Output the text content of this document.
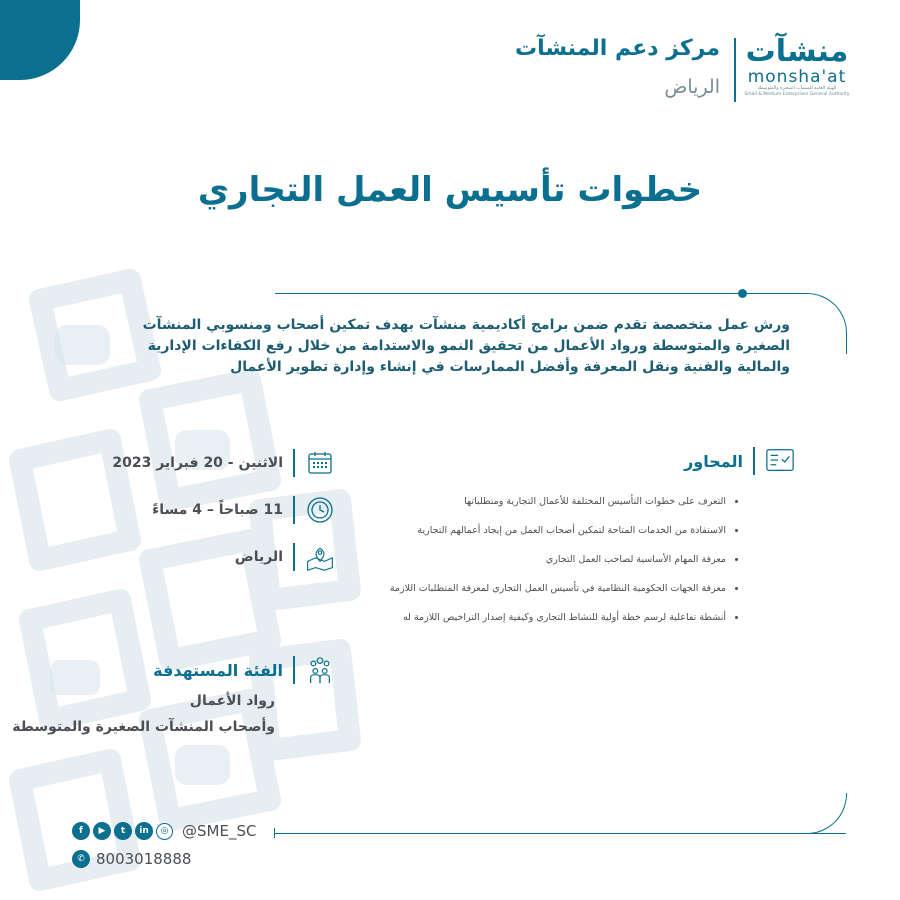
منشآت
monsha'at
الهيئة العامة للمنشآت الصغيرة والمتوسطة
Small & Medium Enterprises General Authority
مركز دعم المنشآت
الرياض
خطوات تأسيس العمل التجاري
ورش عمل متخصصة تقدم ضمن برامج أكاديمية منشآت بهدف تمكين أصحاب ومنسوبي المنشآت الصغيرة والمتوسطة ورواد الأعمال من تحقيق النمو والاستدامة من خلال رفع الكفاءات الإدارية والمالية والفنية ونقل المعرفة وأفضل الممارسات في إنشاء وإدارة تطوير الأعمال
المحاور
• التعرف على خطوات التأسيس المختلفة للأعمال التجارية ومتطلباتها
• الاستفادة من الخدمات المتاحة لتمكين أصحاب العمل من إيجاد أعمالهم التجارية
• معرفة المهام الأساسية لصاحب العمل التجاري
• معرفة الجهات الحكومية النظامية في تأسيس العمل التجاري لمعرفة المتطلبات اللازمة
• أنشطة تفاعلية لرسم خطة أولية للنشاط التجاري وكيفية إصدار التراخيص اللازمة له
الاثنين - 20 فبراير 2023
11 صباحاً – 4 مساءً
الرياض
الفئة المستهدفة
رواد الأعمال
وأصحاب المنشآت الصغيرة والمتوسطة
f	▶	t	in	◎ @SME_SC
✆ 8003018888
